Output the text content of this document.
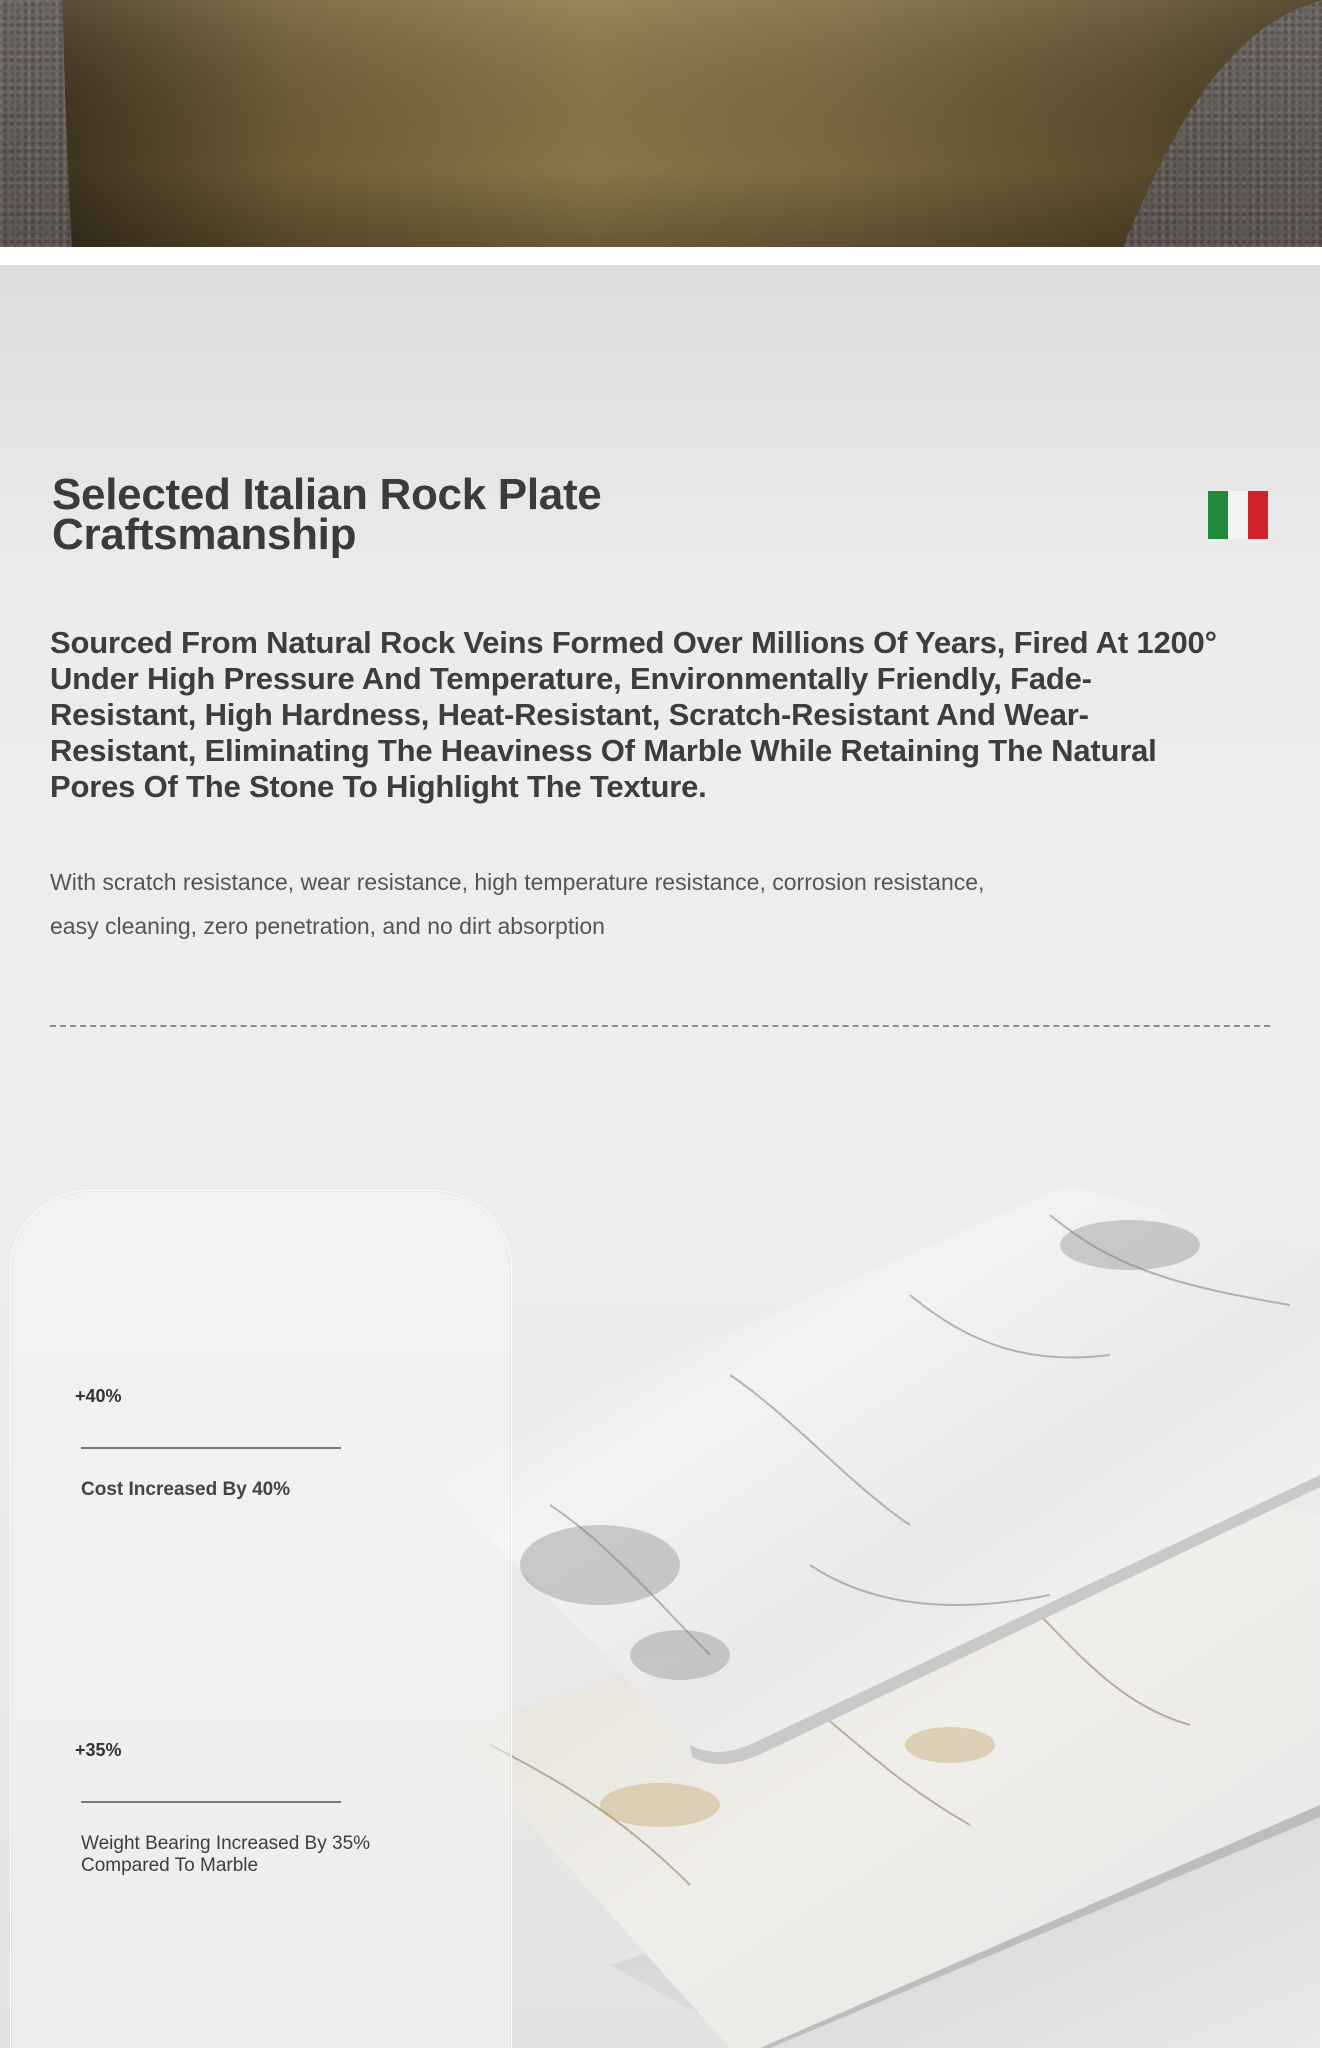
Selected Italian Rock Plate
Craftsmanship

Sourced From Natural Rock Veins Formed Over Millions Of Years, Fired At 1200° Under High Pressure And Temperature, Environmentally Friendly, Fade-Resistant, High Hardness, Heat-Resistant, Scratch-Resistant And Wear-Resistant, Eliminating The Heaviness Of Marble While Retaining The Natural Pores Of The Stone To Highlight The Texture.

With scratch resistance, wear resistance, high temperature resistance, corrosion resistance,
easy cleaning, zero penetration, and no dirt absorption

+40%

Cost Increased By 40%

+35%

Weight Bearing Increased By 35%
Compared To Marble
